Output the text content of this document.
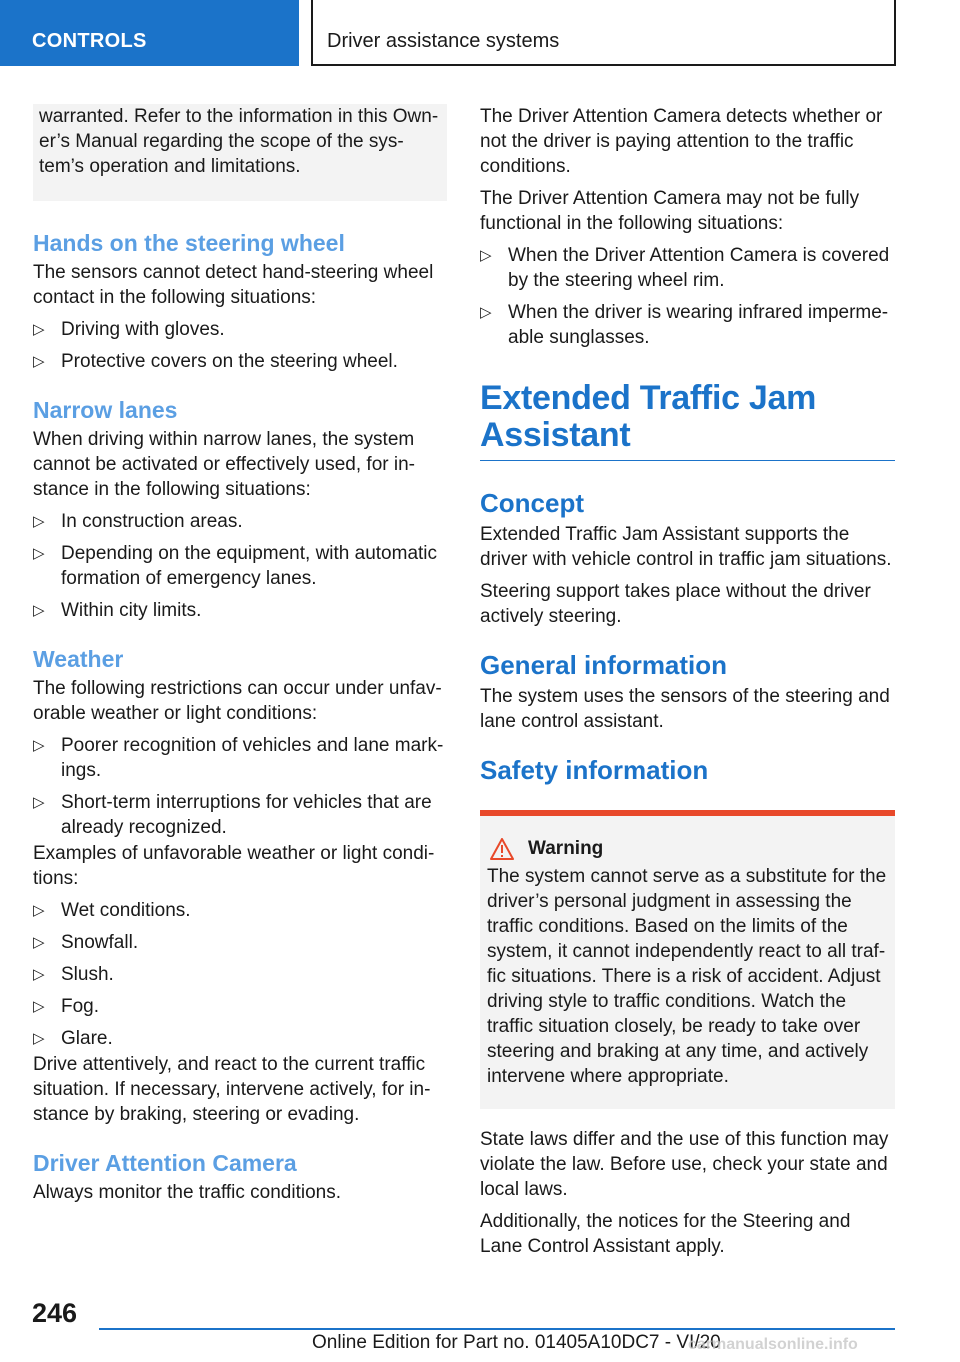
CONTROLS	Driver assistance systems

warranted. Refer to the information in this Own‐er’s Manual regarding the scope of the sys‐tem’s operation and limitations.

Hands on the steering wheel

The sensors cannot detect hand-steering wheel contact in the following situations:

▷
Driving with gloves.
▷
Protective covers on the steering wheel.
Narrow lanes

When driving within narrow lanes, the system cannot be activated or effectively used, for in‐stance in the following situations:

▷
In construction areas.
▷
Depending on the equipment, with automatic formation of emergency lanes.
▷
Within city limits.
Weather

The following restrictions can occur under unfav‐orable weather or light conditions:

▷
Poorer recognition of vehicles and lane mark‐ings.
▷
Short-term interruptions for vehicles that are already recognized.

Examples of unfavorable weather or light condi‐tions:

▷
Wet conditions.
▷
Snowfall.
▷
Slush.
▷
Fog.
▷
Glare.

Drive attentively, and react to the current traffic situation. If necessary, intervene actively, for in‐stance by braking, steering or evading.

Driver Attention Camera

Always monitor the traffic conditions.

The Driver Attention Camera detects whether or not the driver is paying attention to the traffic conditions.

The Driver Attention Camera may not be fully functional in the following situations:

▷
When the Driver Attention Camera is covered by the steering wheel rim.
▷
When the driver is wearing infrared imperme‐able sunglasses.
Extended Traffic Jam Assistant
Concept

Extended Traffic Jam Assistant supports the driver with vehicle control in traffic jam situations.

Steering support takes place without the driver actively steering.

General information

The system uses the sensors of the steering and lane control assistant.

Safety information
Warning

The system cannot serve as a substitute for the driver’s personal judgment in assessing the traffic conditions. Based on the limits of the system, it cannot independently react to all traf‐fic situations. There is a risk of accident. Adjust driving style to traffic conditions. Watch the traffic situation closely, be ready to take over steering and braking at any time, and actively intervene where appropriate.

State laws differ and the use of this function may violate the law. Before use, check your state and local laws.

Additionally, the notices for the Steering and Lane Control Assistant apply.

246
Online Edition for Part no. 01405A10DC7 - VI/20
carmanualsonline.info
